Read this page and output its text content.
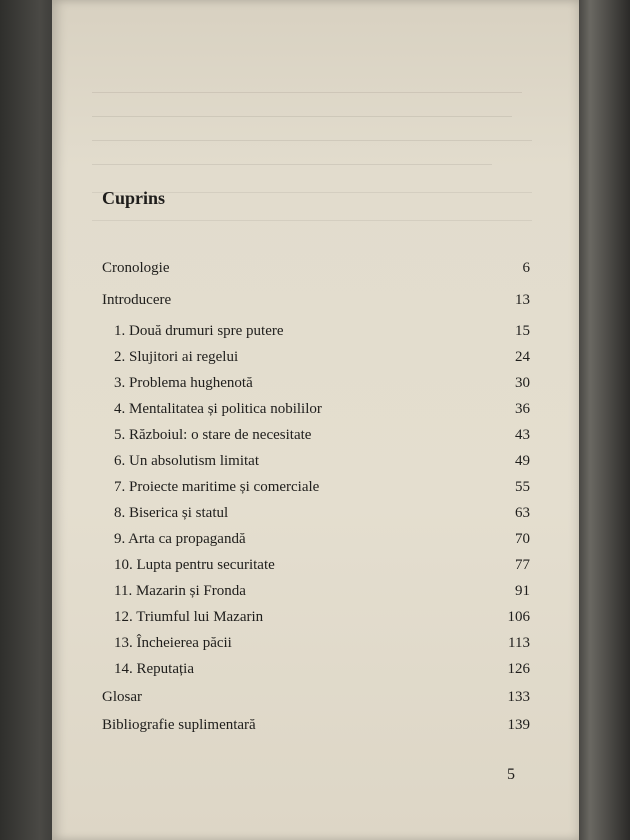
Cuprins
Cronologie	6
Introducere	13
1. Două drumuri spre putere	15
2. Slujitori ai regelui	24
3. Problema hughenotă	30
4. Mentalitatea și politica nobililor	36
5. Războiul: o stare de necesitate	43
6. Un absolutism limitat	49
7. Proiecte maritime și comerciale	55
8. Biserica și statul	63
9. Arta ca propagandă	70
10. Lupta pentru securitate	77
11. Mazarin și Fronda	91
12. Triumful lui Mazarin	106
13. Încheierea păcii	113
14. Reputația	126
Glosar	133
Bibliografie suplimentară	139
5
